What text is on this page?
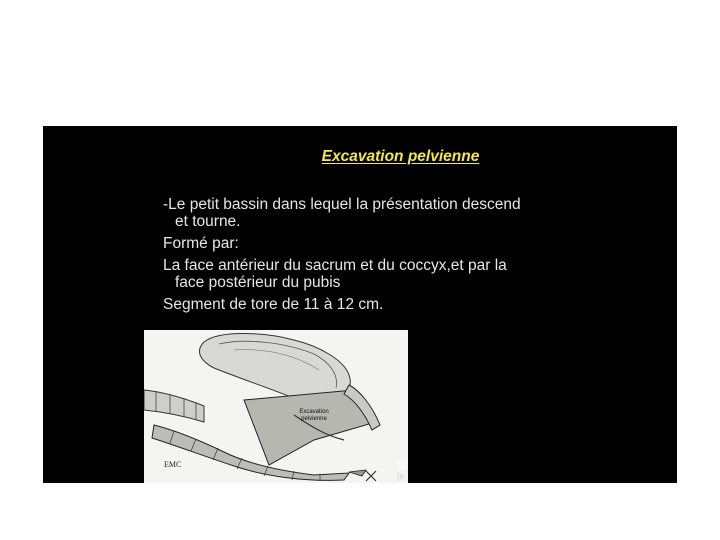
Excavation pelvienne
-Le petit bassin dans lequel la présentation descend
et tourne.
Formé par:
La face antérieur du sacrum et du coccyx,et par la
face postérieur du pubis
Segment de tore de 11 à 12 cm.
Excavation
pelvienne
EMC	11
(e
